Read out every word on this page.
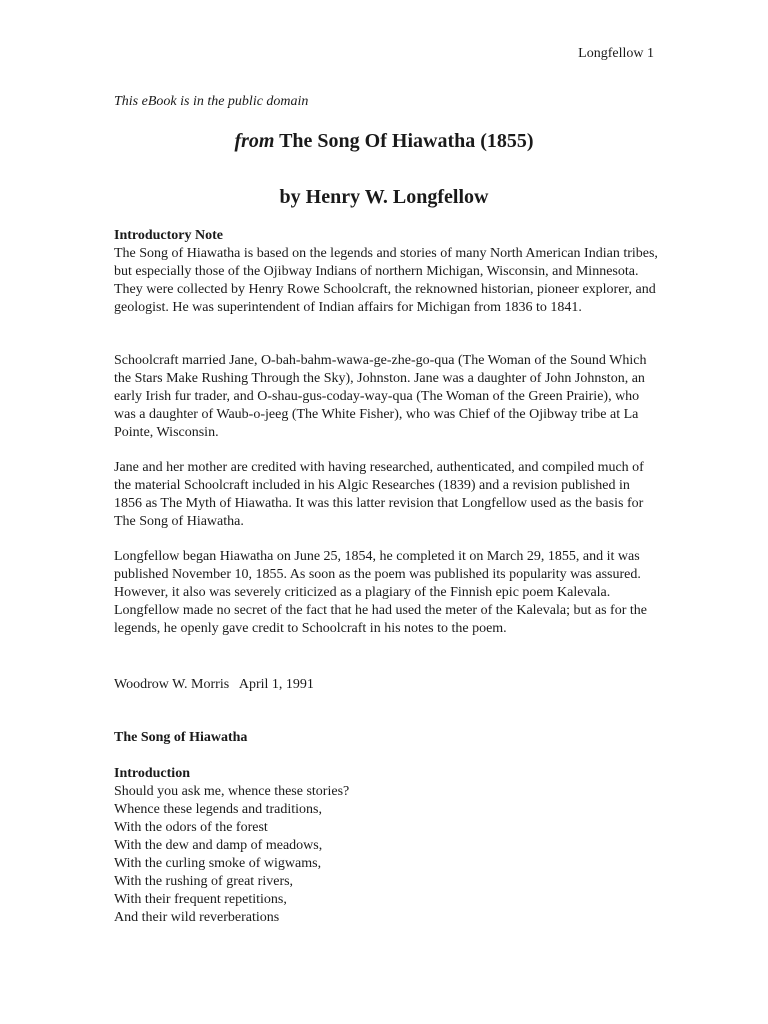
Longfellow 1
This eBook is in the public domain
from The Song Of Hiawatha (1855)
by Henry W. Longfellow

Introductory Note

The Song of Hiawatha is based on the legends and stories of many North American Indian tribes, but especially those of the Ojibway Indians of northern Michigan, Wisconsin, and Minnesota. They were collected by Henry Rowe Schoolcraft, the reknowned historian, pioneer explorer, and geologist. He was superintendent of Indian affairs for Michigan from 1836 to 1841.

Schoolcraft married Jane, O-bah-bahm-wawa-ge-zhe-go-qua (The Woman of the Sound Which the Stars Make Rushing Through the Sky), Johnston. Jane was a daughter of John Johnston, an early Irish fur trader, and O-shau-gus-coday-way-qua (The Woman of the Green Prairie), who was a daughter of Waub-o-jeeg (The White Fisher), who was Chief of the Ojibway tribe at La Pointe, Wisconsin.

Jane and her mother are credited with having researched, authenticated, and compiled much of the material Schoolcraft included in his Algic Researches (1839) and a revision published in 1856 as The Myth of Hiawatha. It was this latter revision that Longfellow used as the basis for The Song of Hiawatha.

Longfellow began Hiawatha on June 25, 1854, he completed it on March 29, 1855, and it was published November 10, 1855. As soon as the poem was published its popularity was assured. However, it also was severely criticized as a plagiary of the Finnish epic poem Kalevala. Longfellow made no secret of the fact that he had used the meter of the Kalevala; but as for the legends, he openly gave credit to Schoolcraft in his notes to the poem.

Woodrow W. Morris   April 1, 1991
The Song of Hiawatha

Introduction

Should you ask me, whence these stories?
Whence these legends and traditions,
With the odors of the forest
With the dew and damp of meadows,
With the curling smoke of wigwams,
With the rushing of great rivers,
With their frequent repetitions,
And their wild reverberations
